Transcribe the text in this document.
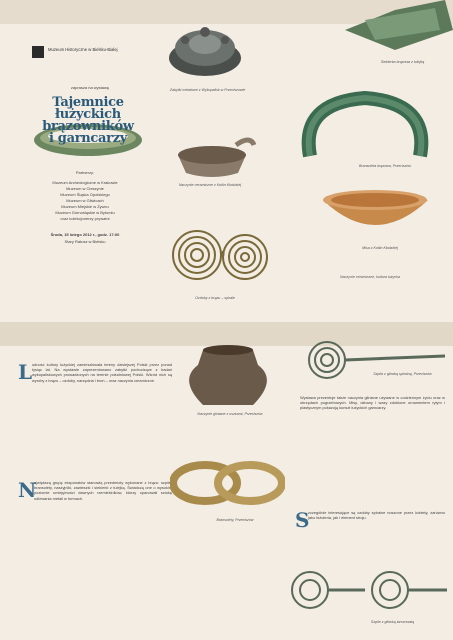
Muzeum Historyczne w Bielsku-Białej
zaprasza na wystawę
Tajemnice
łużyckich
brązowników
i garncarzy
Partnerzy:
Muzeum Archeologiczne w Krakowie
Muzeum w Cieszynie
Muzeum Śląska Opolskiego
Muzeum w Gliwicach
Muzeum Miejskie w Żywcu
Muzeum Górnośląskie w Bytomiu
oraz kolekcjonerzy prywatni
Środa, 15 lutego 2012 r., godz. 17:00
Stary Ratusz w Bielsku
Zabytki metalowe z Wykopalisk w Przeciszowie
Naczynie ceramiczne z Kotlin Kłodzkiej
Ozdoby z brązu – spirale
Siekierka brązowa z tulejką
Bransoleta brązowa, Przeciszów
Misa z Kotlin Kłodzkiej
Naczynie ceramiczne, kultura łużycka
L udność kultury łużyckiej zamieszkiwała tereny dzisiejszej Polski przez ponad tysiąc lat. Na wystawie zaprezentowano zabytki pochodzące z badań wykopaliskowych prowadzonych na terenie południowej Polski. Wśród nich są wyroby z brązu – ozdoby, narzędzia i broń – oraz naczynia ceramiczne.
N
ajwiększą grupę eksponatów stanowią przedmioty wykonane z brązu: szpile, bransolety, naszyjniki, zawieszki i siekierki z tulejką. Świadczą one o wysokim poziomie umiejętności dawnych rzemieślników, którzy opanowali sztukę odlewania metali w formach.
Naczynie gliniane z uszkami, Przeciszów
Bransolety, Przeciszów
Szpila z główką spiralną, Przeciszów
Wystawa prezentuje także naczynia gliniane używane w codziennym życiu oraz w obrzędach pogrzebowych. Misy, dzbany i wazy zdobione ornamentem rytym i plastycznym pokazują kunszt łużyckich garncarzy.
S
zczególnie interesujące są ozdoby spiralne noszone przez kobiety, zarówno jako biżuteria, jak i element stroju.
Szpile z główką tarczowatą
